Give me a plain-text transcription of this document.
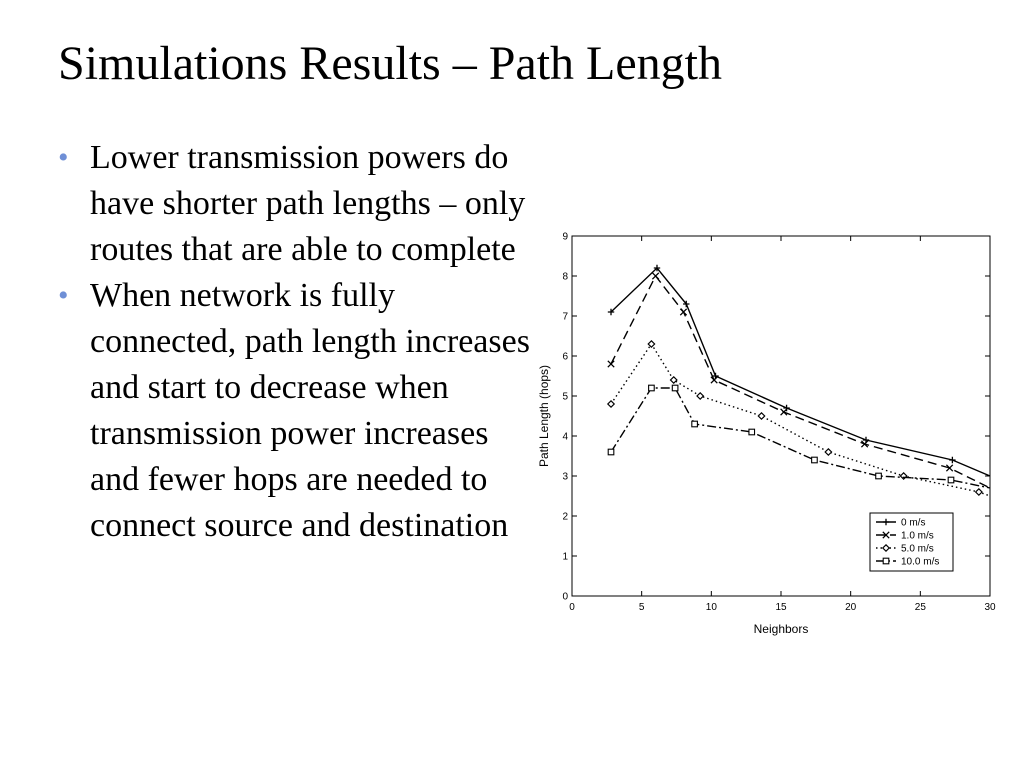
Simulations Results – Path Length
• Lower transmission powers do have shorter path lengths – only routes that are able to complete
• When network is fully connected, path length increases and start to decrease when transmission power increases and fewer hops are needed to connect source and destination
0	5	10	15	20	25	30
0
1
2
3
4
5
6
7
8
9
Neighbors
Path Length (hops)
0 m/s
1.0 m/s
5.0 m/s
10.0 m/s
